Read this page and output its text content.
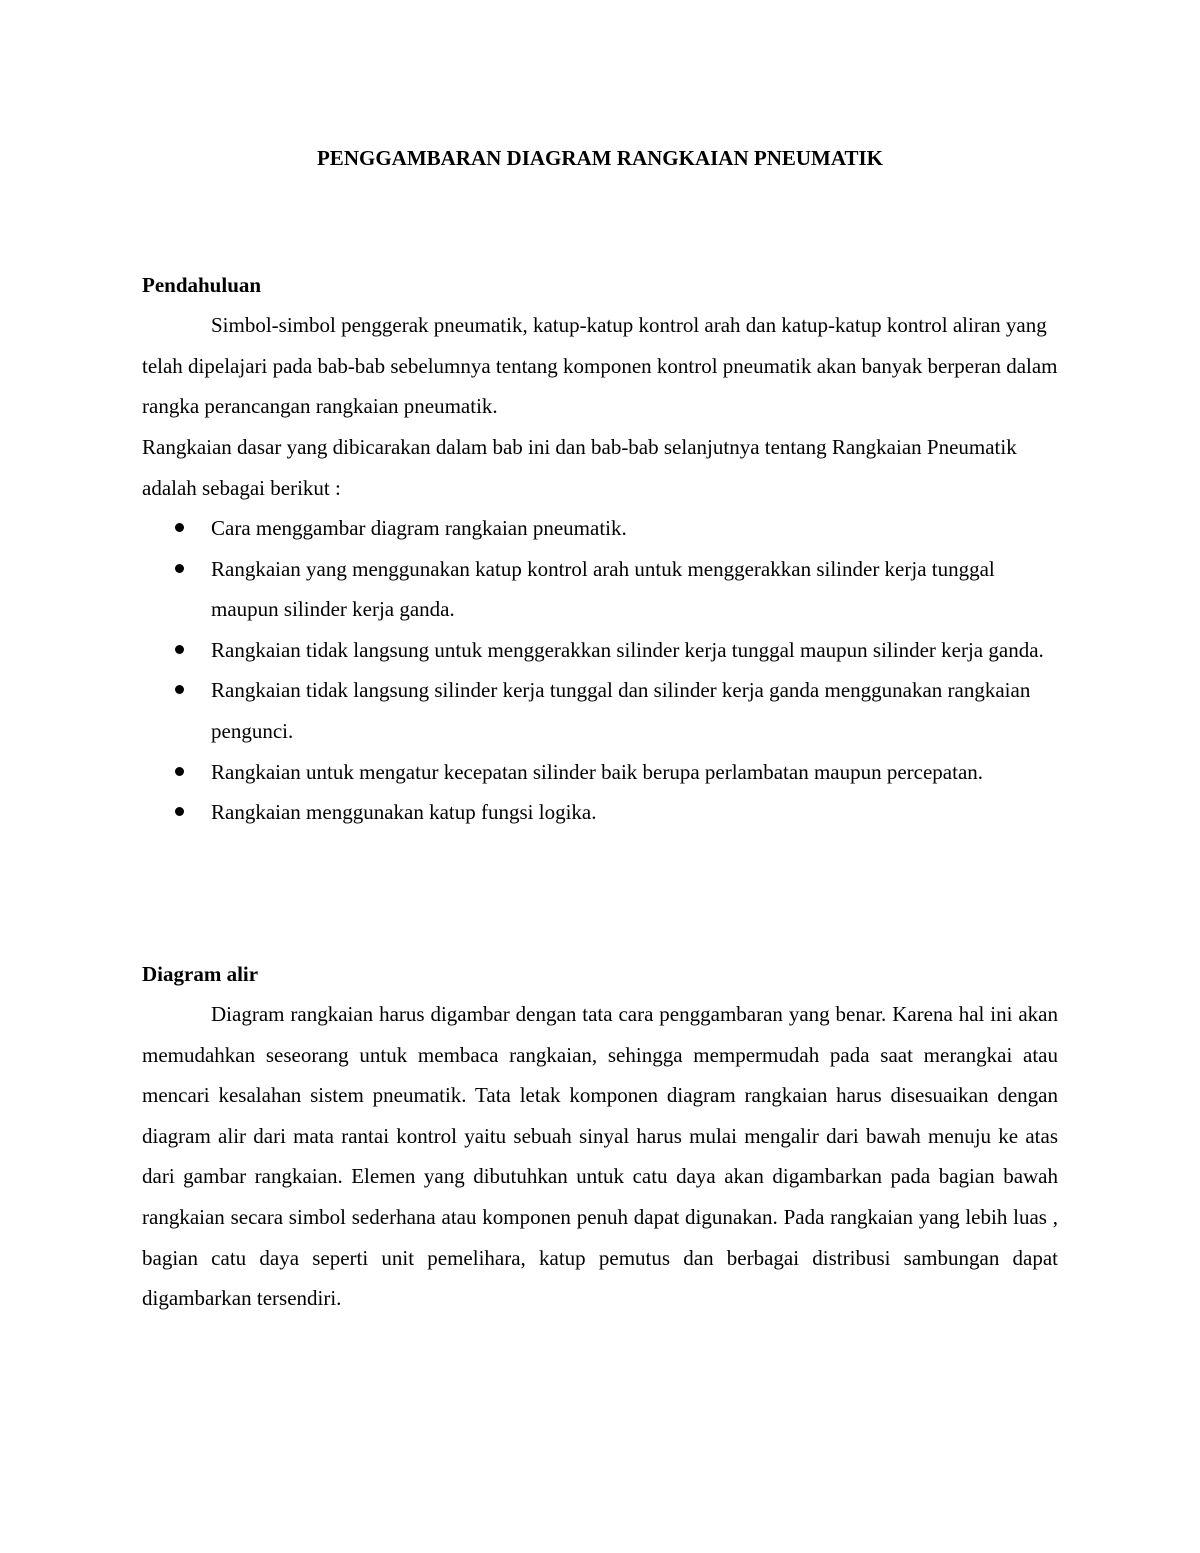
PENGGAMBARAN DIAGRAM RANGKAIAN PNEUMATIK
Pendahuluan

Simbol-simbol penggerak pneumatik, katup-katup kontrol arah dan katup-katup kontrol aliran yang telah dipelajari pada bab-bab sebelumnya tentang komponen kontrol pneumatik akan banyak berperan dalam rangka perancangan rangkaian pneumatik.

Rangkaian dasar yang dibicarakan dalam bab ini dan bab-bab selanjutnya tentang Rangkaian Pneumatik adalah sebagai berikut :

Cara menggambar diagram rangkaian pneumatik.
Rangkaian yang menggunakan katup kontrol arah untuk menggerakkan silinder kerja tunggal maupun silinder kerja ganda.
Rangkaian tidak langsung untuk menggerakkan silinder kerja tunggal maupun silinder kerja ganda.
Rangkaian tidak langsung silinder kerja tunggal dan silinder kerja ganda menggunakan rangkaian pengunci.
Rangkaian untuk mengatur kecepatan silinder baik berupa perlambatan maupun percepatan.
Rangkaian menggunakan katup fungsi logika.
Diagram alir

Diagram rangkaian harus digambar dengan tata cara penggambaran yang benar. Karena hal ini akan memudahkan seseorang untuk membaca rangkaian, sehingga mempermudah pada saat merangkai atau mencari kesalahan sistem pneumatik. Tata letak komponen diagram rangkaian harus disesuaikan dengan diagram alir dari mata rantai kontrol yaitu sebuah sinyal harus mulai mengalir dari bawah menuju ke atas dari gambar rangkaian. Elemen yang dibutuhkan untuk catu daya akan digambarkan pada bagian bawah rangkaian secara simbol sederhana atau komponen penuh dapat digunakan. Pada rangkaian yang lebih luas , bagian catu daya seperti unit pemelihara, katup pemutus dan berbagai distribusi sambungan dapat digambarkan tersendiri.
